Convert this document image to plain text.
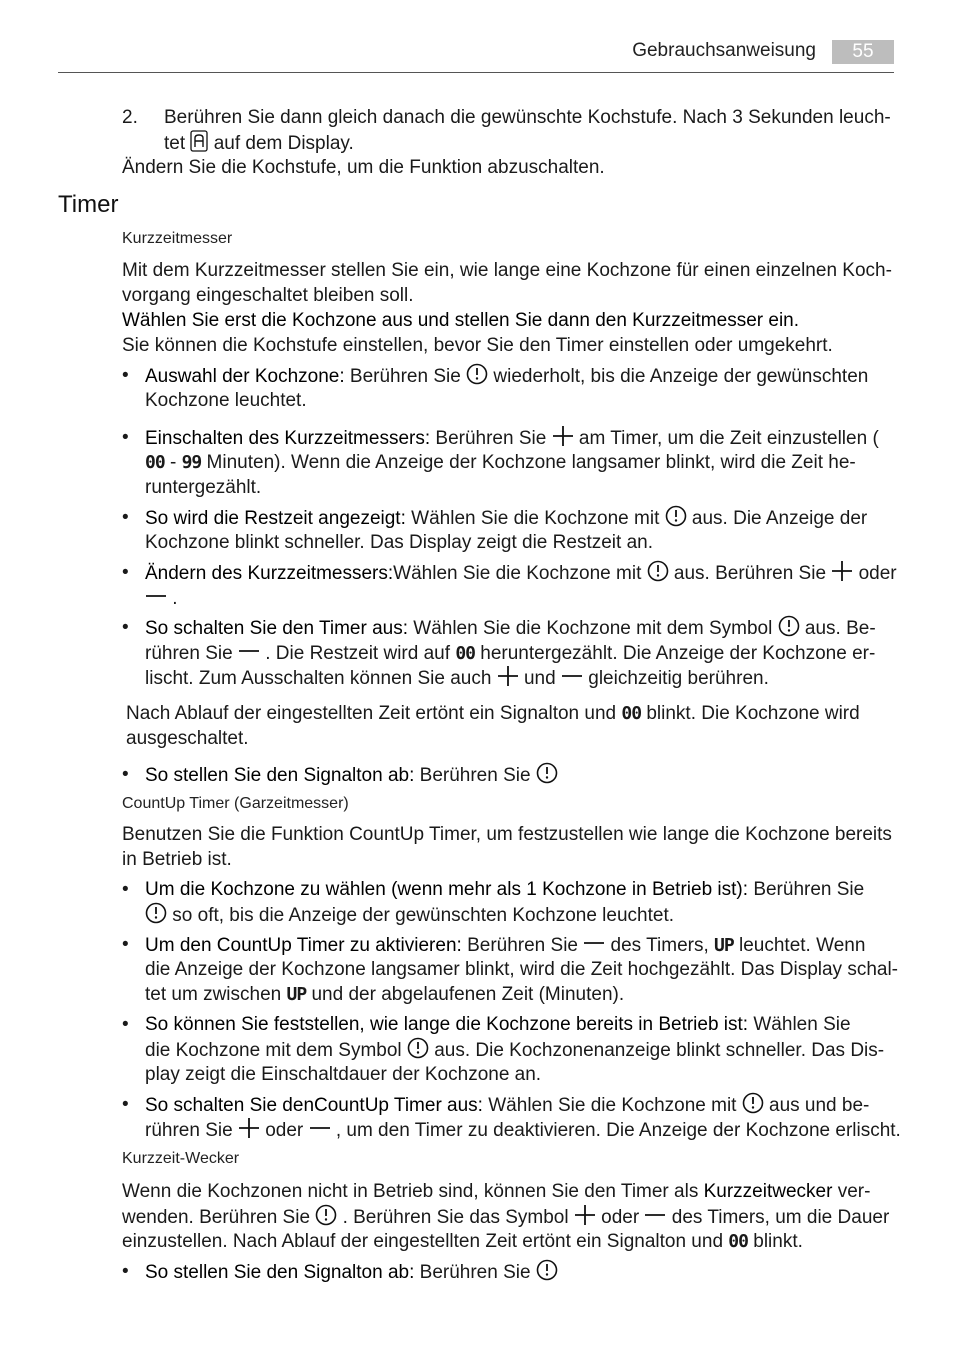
Gebrauchsanweisung	55
2. Berühren Sie dann gleich danach die gewünschte Kochstufe. Nach 3 Sekunden leuch-
tet auf dem Display.
Ändern Sie die Kochstufe, um die Funktion abzuschalten.
Timer
Kurzzeitmesser
Mit dem Kurzzeitmesser stellen Sie ein, wie lange eine Kochzone für einen einzelnen Koch-
vorgang eingeschaltet bleiben soll.
Wählen Sie erst die Kochzone aus und stellen Sie dann den Kurzzeitmesser ein.
Sie können die Kochstufe einstellen, bevor Sie den Timer einstellen oder umgekehrt.
• Auswahl der Kochzone: Berühren Sie wiederholt, bis die Anzeige der gewünschten
Kochzone leuchtet.
• Einschalten des Kurzzeitmessers: Berühren Sie am Timer, um die Zeit einzustellen (
00 - 99 Minuten). Wenn die Anzeige der Kochzone langsamer blinkt, wird die Zeit he-
runtergezählt.
• So wird die Restzeit angezeigt: Wählen Sie die Kochzone mit aus. Die Anzeige der
Kochzone blinkt schneller. Das Display zeigt die Restzeit an.
• Ändern des Kurzzeitmessers:Wählen Sie die Kochzone mit aus. Berühren Sie oder
.
• So schalten Sie den Timer aus: Wählen Sie die Kochzone mit dem Symbol aus. Be-
rühren Sie . Die Restzeit wird auf 00 heruntergezählt. Die Anzeige der Kochzone er-
lischt. Zum Ausschalten können Sie auch und gleichzeitig berühren.
Nach Ablauf der eingestellten Zeit ertönt ein Signalton und 00 blinkt. Die Kochzone wird
ausgeschaltet.
• So stellen Sie den Signalton ab: Berühren Sie
CountUp Timer (Garzeitmesser)
Benutzen Sie die Funktion CountUp Timer, um festzustellen wie lange die Kochzone bereits
in Betrieb ist.
• Um die Kochzone zu wählen (wenn mehr als 1 Kochzone in Betrieb ist): Berühren Sie
so oft, bis die Anzeige der gewünschten Kochzone leuchtet.
• Um den CountUp Timer zu aktivieren: Berühren Sie des Timers, UP leuchtet. Wenn
die Anzeige der Kochzone langsamer blinkt, wird die Zeit hochgezählt. Das Display schal-
tet um zwischen UP und der abgelaufenen Zeit (Minuten).
• So können Sie feststellen, wie lange die Kochzone bereits in Betrieb ist: Wählen Sie
die Kochzone mit dem Symbol aus. Die Kochzonenanzeige blinkt schneller. Das Dis-
play zeigt die Einschaltdauer der Kochzone an.
• So schalten Sie denCountUp Timer aus: Wählen Sie die Kochzone mit aus und be-
rühren Sie oder , um den Timer zu deaktivieren. Die Anzeige der Kochzone erlischt.
Kurzzeit-Wecker
Wenn die Kochzonen nicht in Betrieb sind, können Sie den Timer als Kurzzeitwecker ver-
wenden. Berühren Sie . Berühren Sie das Symbol oder des Timers, um die Dauer
einzustellen. Nach Ablauf der eingestellten Zeit ertönt ein Signalton und 00 blinkt.
• So stellen Sie den Signalton ab: Berühren Sie
